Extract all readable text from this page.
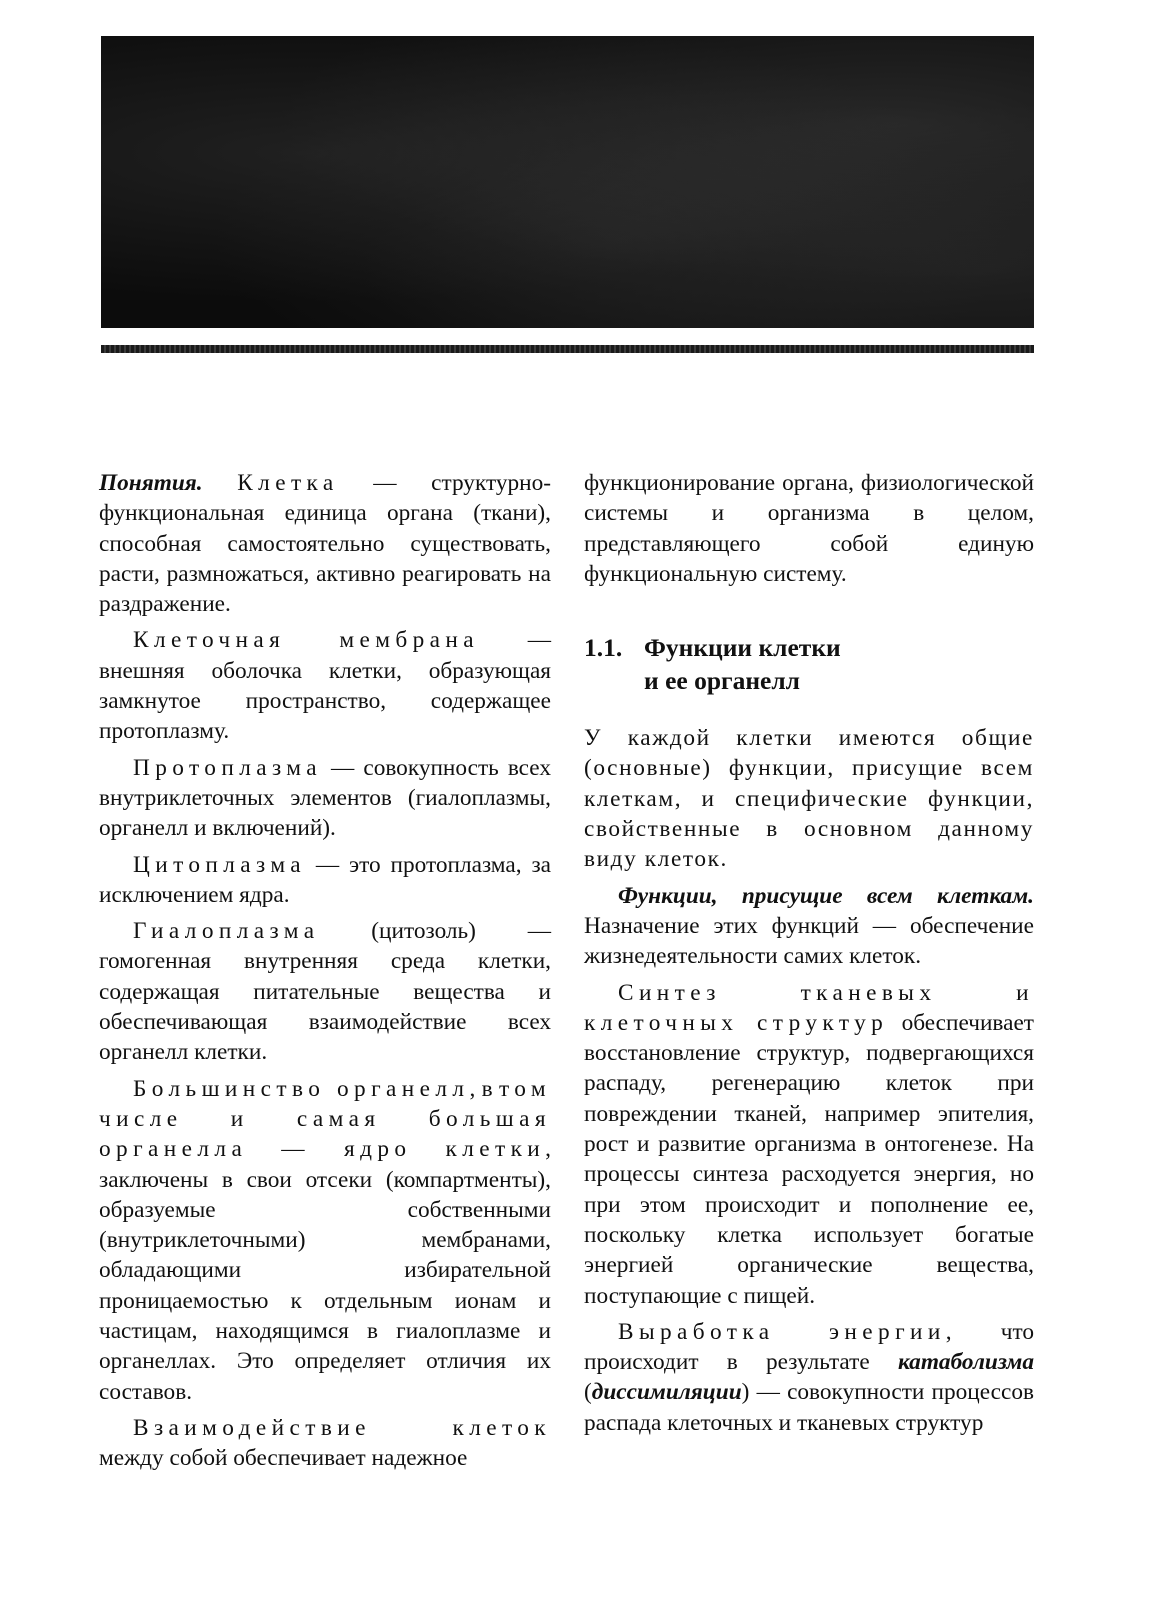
Понятия. Клетка — структурно-функциональная единица органа (ткани), способная самостоятельно существовать, расти, размножаться, активно реагировать на раздражение.

Клеточная мембрана — внешняя оболочка клетки, образующая замкнутое пространство, содержащее протоплазму.

Протоплазма — совокупность всех внутриклеточных элементов (гиалоплазмы, органелл и включений).

Цитоплазма — это протоплазма, за исключением ядра.

Гиалоплазма (цитозоль) — гомогенная внутренняя среда клетки, содержащая питательные вещества и обеспечивающая взаимодействие всех органелл клетки.

Большинство органелл, в том числе и самая большая органелла — ядро клетки, заключены в свои отсеки (компартменты), образуемые собственными (внутриклеточными) мембранами, обладающими избирательной проницаемостью к отдельным ионам и частицам, находящимся в гиалоплазме и органеллах. Это определяет отличия их составов.

Взаимодействие клеток между собой обеспечивает надежное

функционирование органа, физиологической системы и организма в целом, представляющего собой единую функциональную систему.

1.1. Функции клетки
и ее органелл

У каждой клетки имеются общие (основные) функции, присущие всем клеткам, и специфические функции, свойственные в основном данному виду клеток.

Функции, присущие всем клеткам. Назначение этих функций — обеспечение жизнедеятельности самих клеток.

Синтез тканевых и клеточных структур обеспечивает восстановление структур, подвергающихся распаду, регенерацию клеток при повреждении тканей, например эпителия, рост и развитие организма в онтогенезе. На процессы синтеза расходуется энергия, но при этом происходит и пополнение ее, поскольку клетка использует богатые энергией органические вещества, поступающие с пищей.

Выработка энергии, что происходит в результате катаболизма (диссимиляции) — совокупности процессов распада клеточных и тканевых структур
